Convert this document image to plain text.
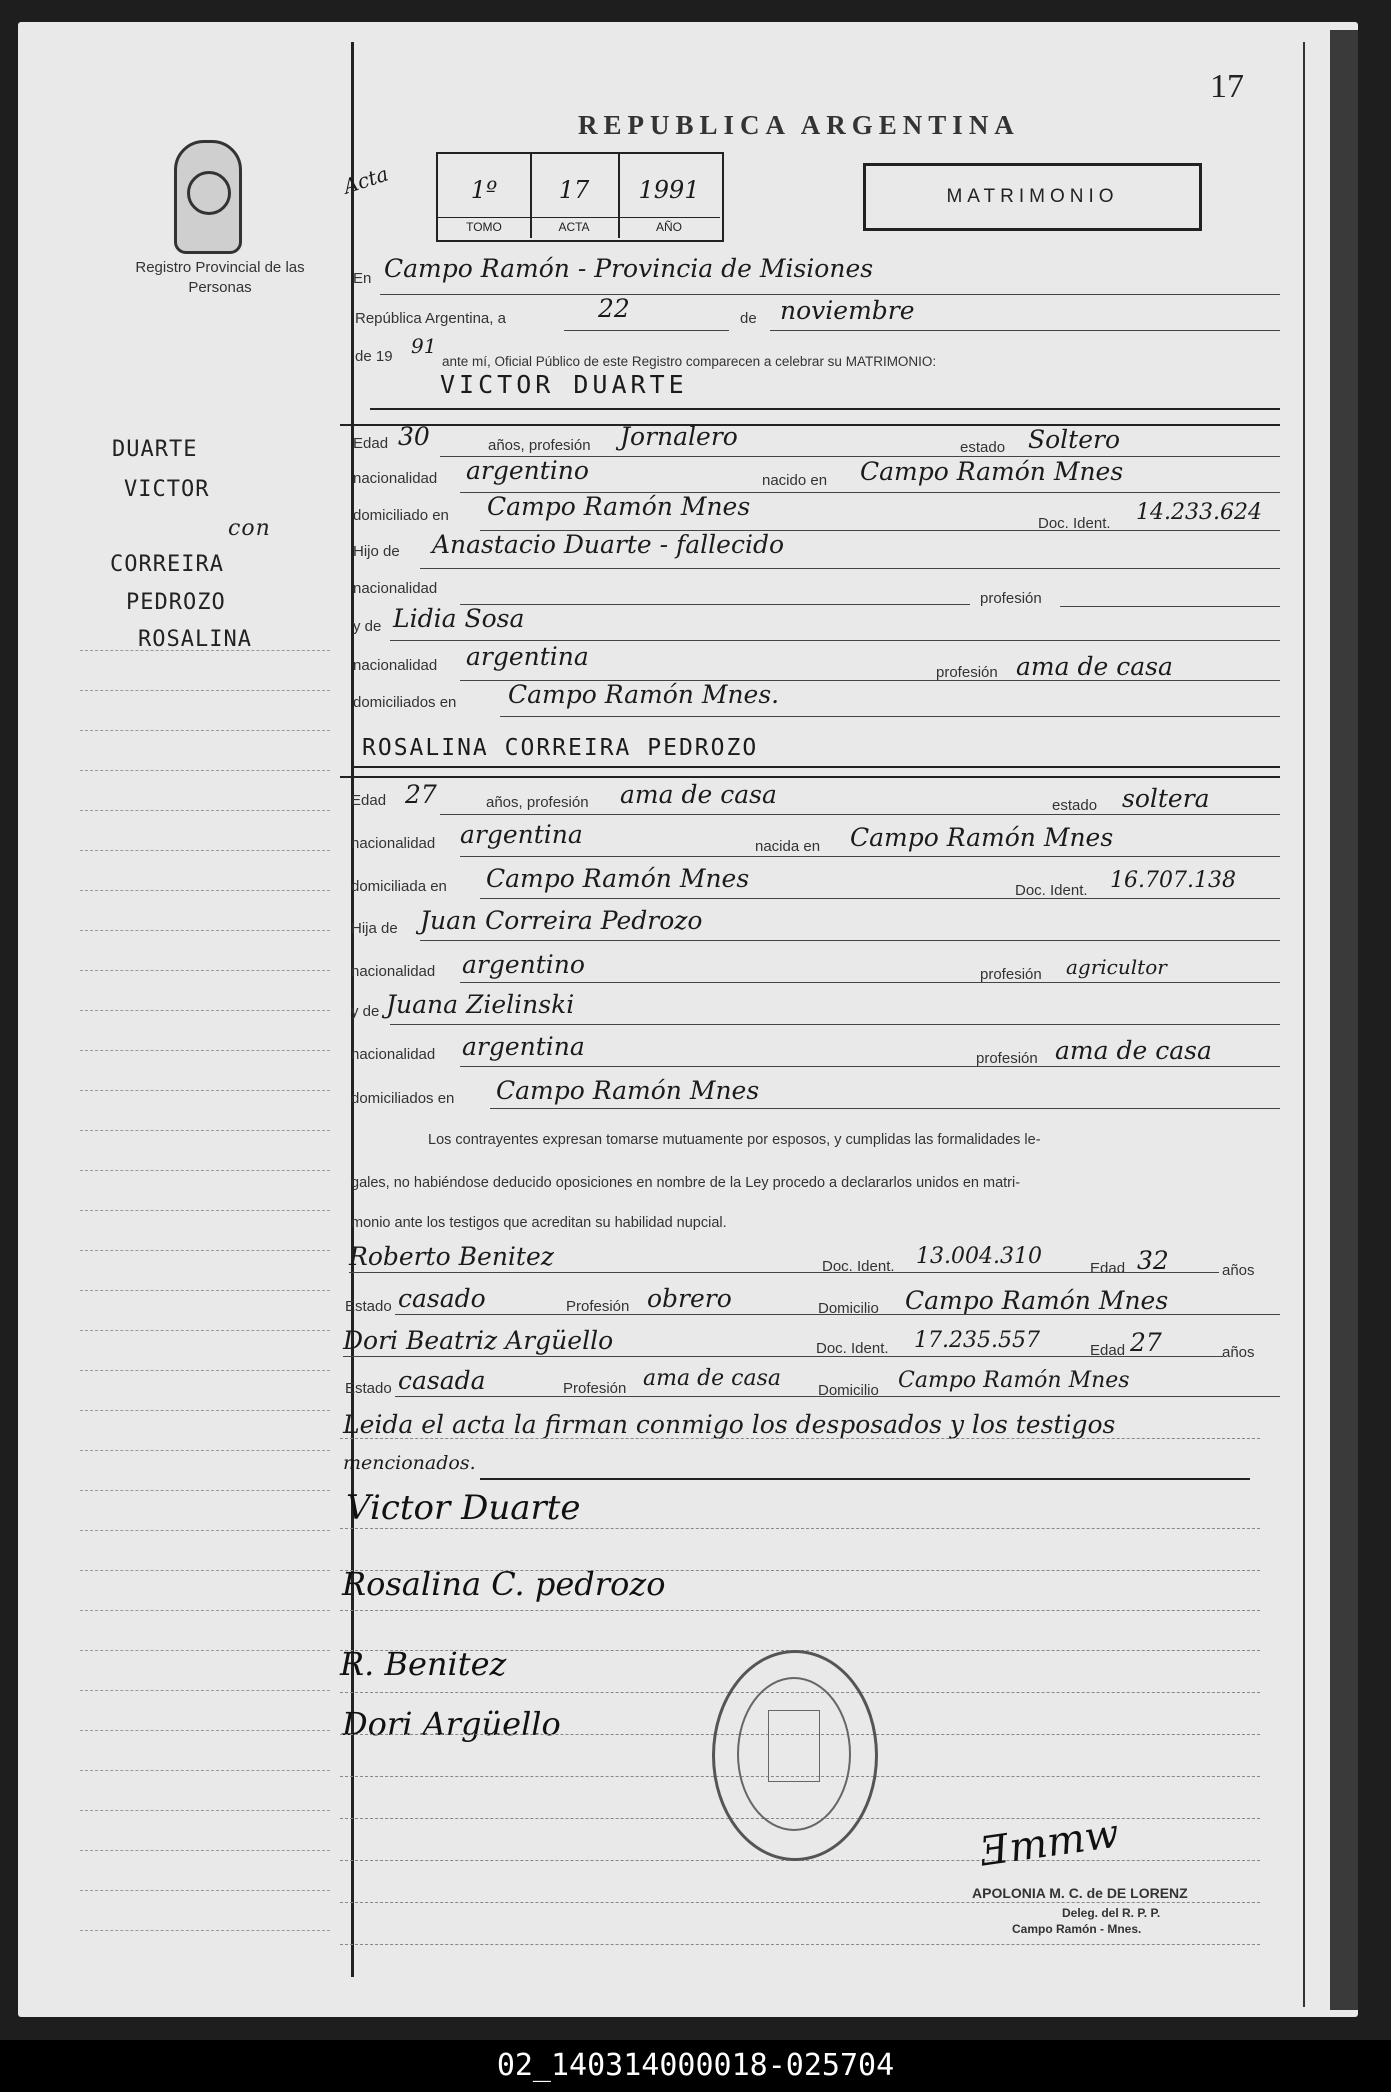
Registro Provincial de las Personas
REPUBLICA ARGENTINA
17
Acta	1º
TOMO
17
ACTA
1991
AÑO
MATRIMONIO
DUARTE
VICTOR
con
CORREIRA
PEDROZO
ROSALINA
En Campo Ramón - Provincia de Misiones
República Argentina, a	22	de noviembre
de 19 91
ante mí, Oficial Público de este Registro comparecen a celebrar su MATRIMONIO:
VICTOR DUARTE
Edad 30	años, profesión Jornalero	estado Soltero
nacionalidad argentino	nacido en Campo Ramón Mnes
domiciliado en Campo Ramón Mnes
Doc. Ident. 14.233.624
Hijo de Anastacio Duarte - fallecido
nacionalidad
profesión
y de Lidia Sosa
nacionalidad argentina
profesión ama de casa
domiciliados en Campo Ramón Mnes.
ROSALINA CORREIRA PEDROZO
Edad 27	años, profesión ama de casa	estado soltera
nacionalidad argentina	nacida en Campo Ramón Mnes
domiciliada en Campo Ramón Mnes	Doc. Ident. 16.707.138
Hija de Juan Correira Pedrozo
nacionalidad argentino	profesión agricultor
y de Juana Zielinski
nacionalidad argentina	profesión ama de casa
domiciliados en Campo Ramón Mnes
Los contrayentes expresan tomarse mutuamente por esposos, y cumplidas las formalidades le-
gales, no habiéndose deducido oposiciones en nombre de la Ley procedo a declararlos unidos en matri-
monio ante los testigos que acreditan su habilidad nupcial.
Roberto Benitez	Doc. Ident. 13.004.310	Edad 32	años
Estado casado	Profesión obrero	Domicilio Campo Ramón Mnes
Dori Beatriz Argüello	Doc. Ident. 17.235.557	Edad 27	años
Estado casada	Profesión ama de casa Domicilio Campo Ramón Mnes
Leida el acta la firman conmigo los desposados y los testigos
mencionados.
Victor Duarte
Rosalina C. pedrozo
R. Benitez
Dori Argüello
Ǝmmw
APOLONIA M. C. de DE LORENZ
Deleg. del R. P. P.
Campo Ramón - Mnes.
02_140314000018-025704
